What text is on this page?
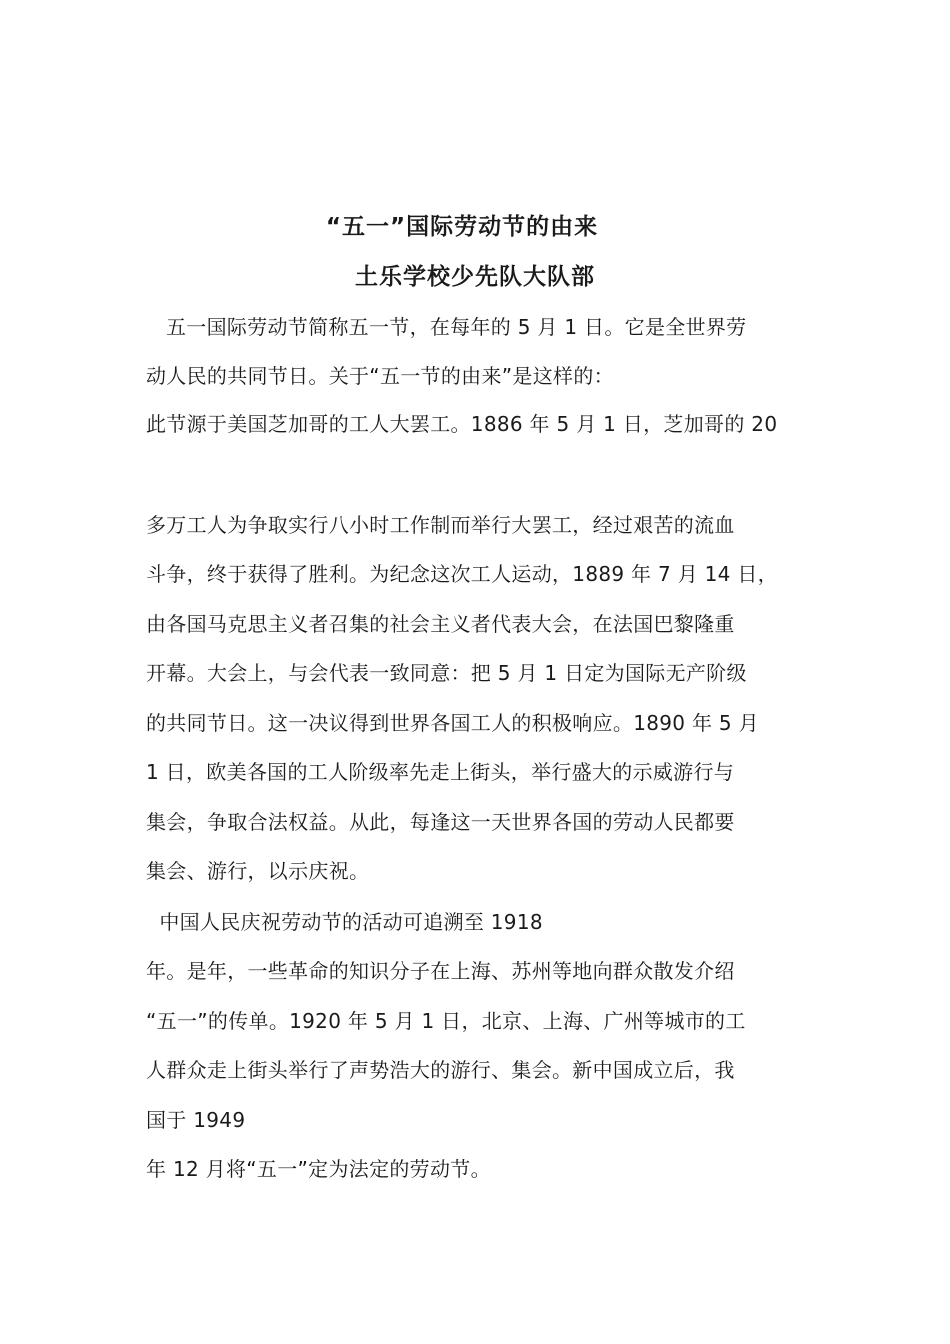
“五一”国际劳动节的由来
土乐学校少先队大队部
五一国际劳动节简称五一节，在每年的 5 月 1 日。它是全世界劳
动人民的共同节日。关于“五一节的由来”是这样的：
此节源于美国芝加哥的工人大罢工。1886 年 5 月 1 日，芝加哥的 20
多万工人为争取实行八小时工作制而举行大罢工，经过艰苦的流血
斗争，终于获得了胜利。为纪念这次工人运动，1889 年 7 月 14 日，
由各国马克思主义者召集的社会主义者代表大会，在法国巴黎隆重
开幕。大会上，与会代表一致同意：把 5 月 1 日定为国际无产阶级
的共同节日。这一决议得到世界各国工人的积极响应。1890 年 5 月
1 日，欧美各国的工人阶级率先走上街头，举行盛大的示威游行与
集会，争取合法权益。从此，每逢这一天世界各国的劳动人民都要
集会、游行，以示庆祝。
中国人民庆祝劳动节的活动可追溯至 1918
年。是年，一些革命的知识分子在上海、苏州等地向群众散发介绍
“五一”的传单。1920 年 5 月 1 日，北京、上海、广州等城市的工
人群众走上街头举行了声势浩大的游行、集会。新中国成立后，我
国于 1949
年 12 月将“五一”定为法定的劳动节。
